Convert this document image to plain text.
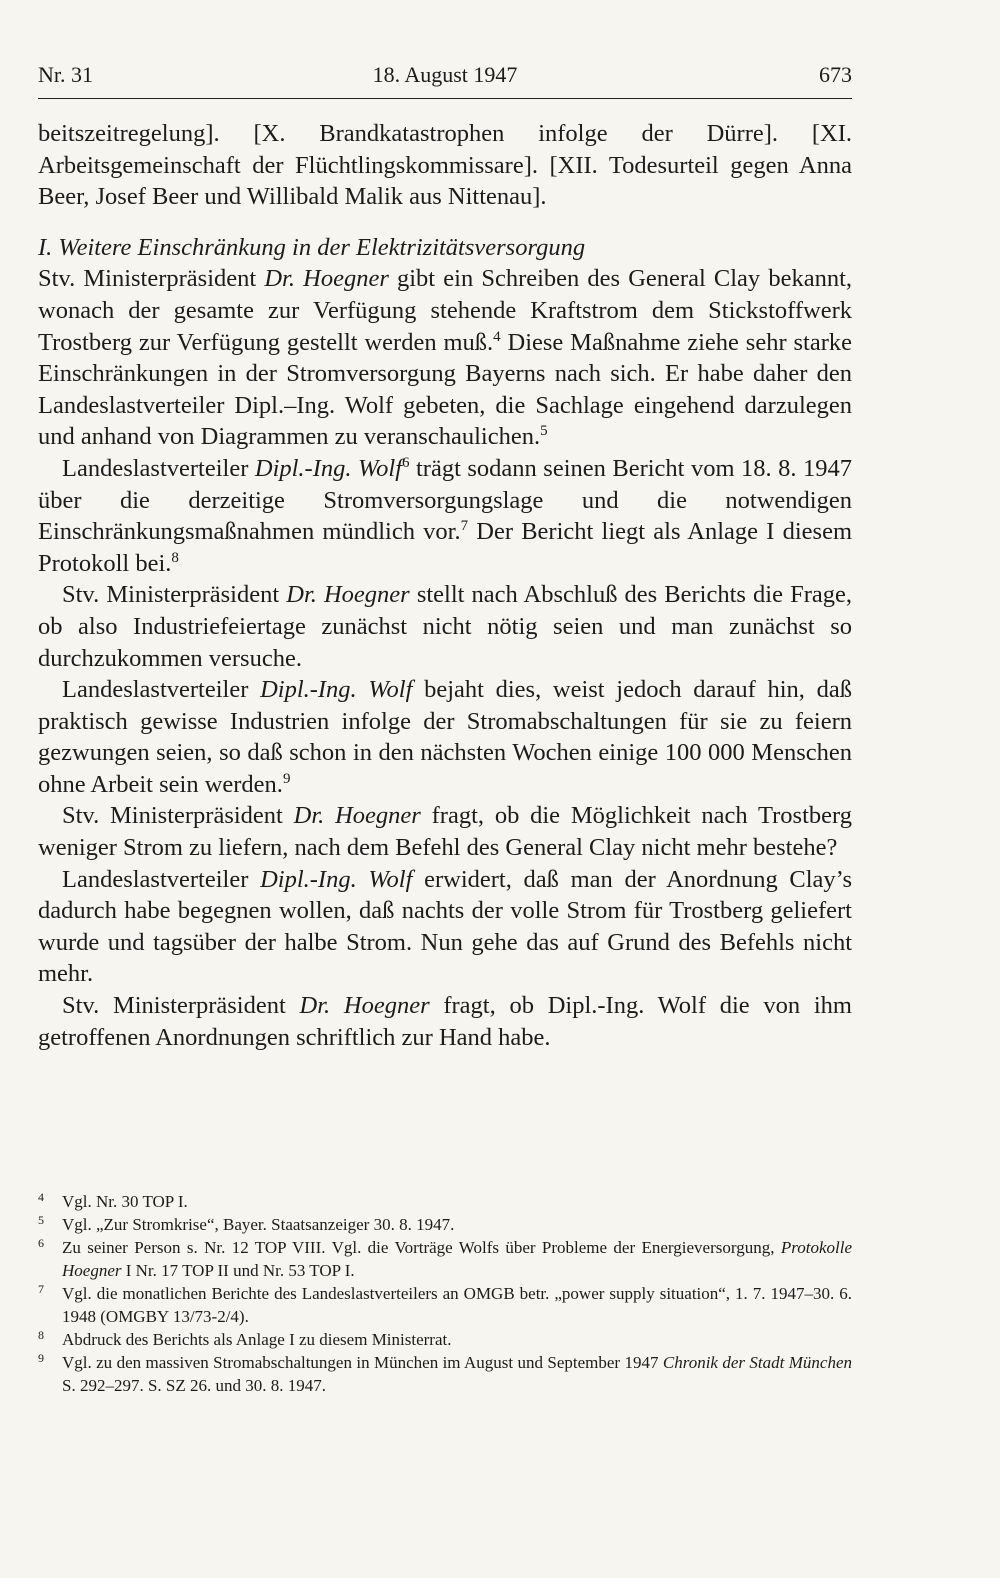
Nr. 31	18. August 1947	673

beitszeitregelung]. [X. Brandkatastrophen infolge der Dürre]. [XI. Arbeitsgemeinschaft der Flüchtlingskommissare]. [XII. Todesurteil gegen Anna Beer, Josef Beer und Willibald Malik aus Nittenau].

I. Weitere Einschränkung in der Elektrizitätsversorgung

Stv. Ministerpräsident Dr. Hoegner gibt ein Schreiben des General Clay bekannt, wonach der gesamte zur Verfügung stehende Kraftstrom dem Stickstoffwerk Trostberg zur Verfügung gestellt werden muß.$^4$ Diese Maßnahme ziehe sehr starke Einschränkungen in der Stromversorgung Bayerns nach sich. Er habe daher den Landeslastverteiler Dipl.–Ing. Wolf gebeten, die Sachlage eingehend darzulegen und anhand von Diagrammen zu veranschaulichen.$^5$

Landeslastverteiler Dipl.-Ing. Wolf$^6$ trägt sodann seinen Bericht vom 18. 8. 1947 über die derzeitige Stromversorgungslage und die notwendigen Einschränkungsmaßnahmen mündlich vor.$^7$ Der Bericht liegt als Anlage I diesem Protokoll bei.$^8$

Stv. Ministerpräsident Dr. Hoegner stellt nach Abschluß des Berichts die Frage, ob also Industriefeiertage zunächst nicht nötig seien und man zunächst so durchzukommen versuche.

Landeslastverteiler Dipl.-Ing. Wolf bejaht dies, weist jedoch darauf hin, daß praktisch gewisse Industrien infolge der Stromabschaltungen für sie zu feiern gezwungen seien, so daß schon in den nächsten Wochen einige 100 000 Menschen ohne Arbeit sein werden.$^9$

Stv. Ministerpräsident Dr. Hoegner fragt, ob die Möglichkeit nach Trostberg weniger Strom zu liefern, nach dem Befehl des General Clay nicht mehr bestehe?

Landeslastverteiler Dipl.-Ing. Wolf erwidert, daß man der Anordnung Clay’s dadurch habe begegnen wollen, daß nachts der volle Strom für Trostberg geliefert wurde und tagsüber der halbe Strom. Nun gehe das auf Grund des Befehls nicht mehr.

Stv. Ministerpräsident Dr. Hoegner fragt, ob Dipl.-Ing. Wolf die von ihm getroffenen Anordnungen schriftlich zur Hand habe.

4 Vgl. Nr. 30 TOP I.
5 Vgl. „Zur Stromkrise“, Bayer. Staatsanzeiger 30. 8. 1947.
6 Zu seiner Person s. Nr. 12 TOP VIII. Vgl. die Vorträge Wolfs über Probleme der Energieversorgung, Protokolle Hoegner I Nr. 17 TOP II und Nr. 53 TOP I.
7 Vgl. die monatlichen Berichte des Landeslastverteilers an OMGB betr. „power supply situation“, 1. 7. 1947–30. 6. 1948 (OMGBY 13/73-2/4).
8 Abdruck des Berichts als Anlage I zu diesem Ministerrat.
9 Vgl. zu den massiven Stromabschaltungen in München im August und September 1947 Chronik der Stadt München S. 292–297. S. SZ 26. und 30. 8. 1947.
